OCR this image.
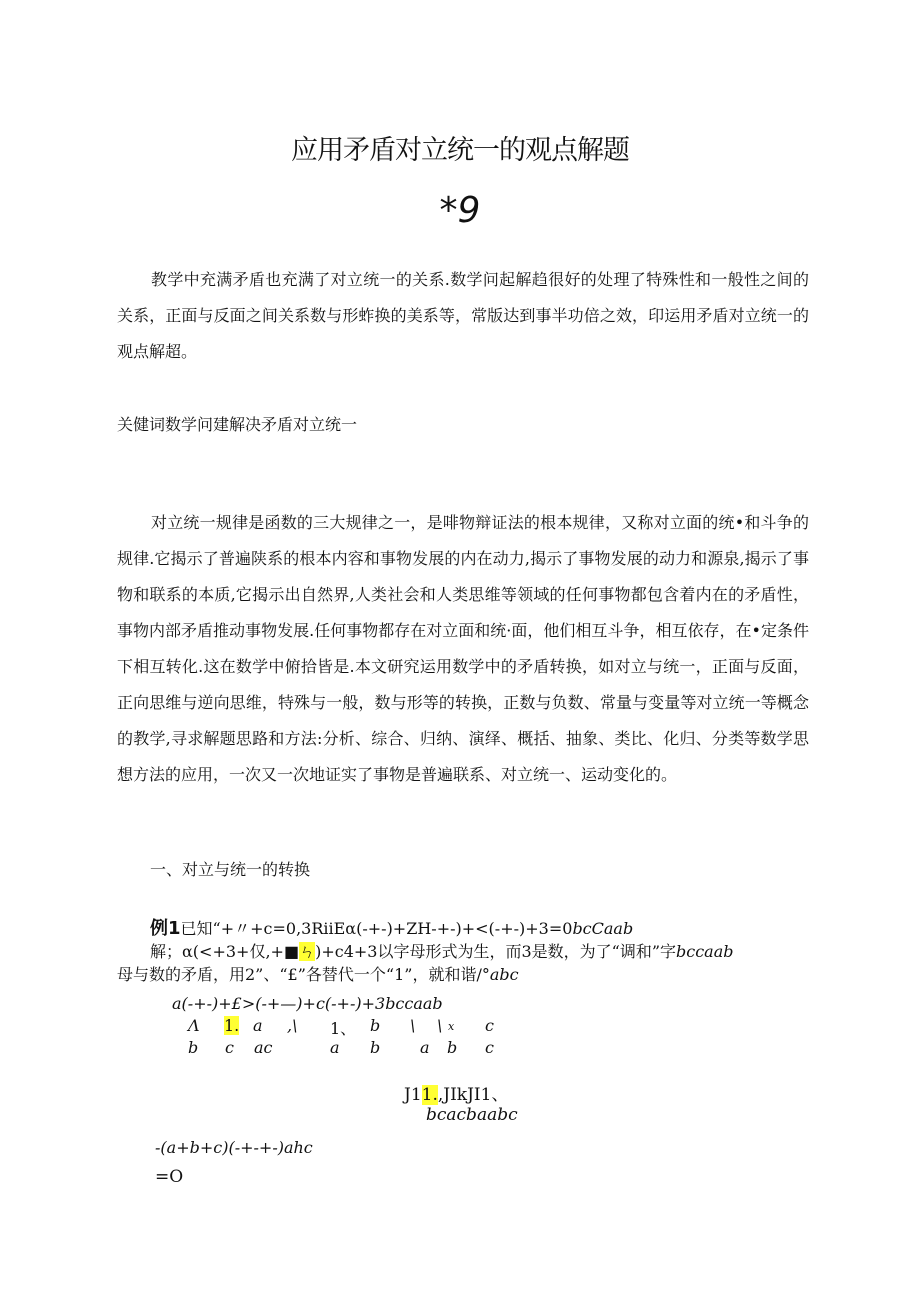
应用矛盾对立统一的观点解题
*9
教学中充满矛盾也充满了对立统一的关系.数学问起解趋很好的处理了特殊性和一般性之间的关系，正面与反面之间关系数与形蚱换的美系等，常版达到事半功倍之效，印运用矛盾对立统一的观点解超。
关健词数学问建解决矛盾对立统一
对立统一规律是函数的三大规律之一，是啡物辩证法的根本规律，又称对立面的统•和斗争的规律.它揭示了普遍陕系的根本内容和事物发展的内在动力,揭示了事物发展的动力和源泉,揭示了事物和联系的本质,它揭示出自然界,人类社会和人类思维等领域的任何事物都包含着内在的矛盾性，事物内部矛盾推动事物发展.任何事物都存在对立面和统·面，他们相互斗争，相互依存，在•定条件下相互转化.这在数学中俯拾皆是.本文研究运用数学中的矛盾转换，如对立与统一，正面与反面，正向思维与逆向思维，特殊与一般，数与形等的转换，正数与负数、常量与变量等对立统一等概念的教学,寻求解题思路和方法:分析、综合、归纳、演绎、概括、抽象、类比、化归、分类等数学思想方法的应用，一次又一次地证实了事物是普遍联系、对立统一、运动变化的。
一、对立与统一的转换
例1已知“+〃+c=0,3RiiEα(-+-)+ZH-+-)+<(-+-)+3=0bcCaab
解；α(<+3+仅,+■ㄣ)+c4+3以字母形式为生，而3是数，为了“调和”字bccaab
母与数的矛盾，用2”、“£”各替代一个“1”，就和谐/°abc
a(-+-)+£>(-+—)+c(-+-)+3bccaab
Λ 1. a ,\ 1、 b \ \ x c
b c ac	a b a b c
J11.,JIkJI1、
bcacbaabc
-(a+b+c)(-+-+-)ahc
=O
